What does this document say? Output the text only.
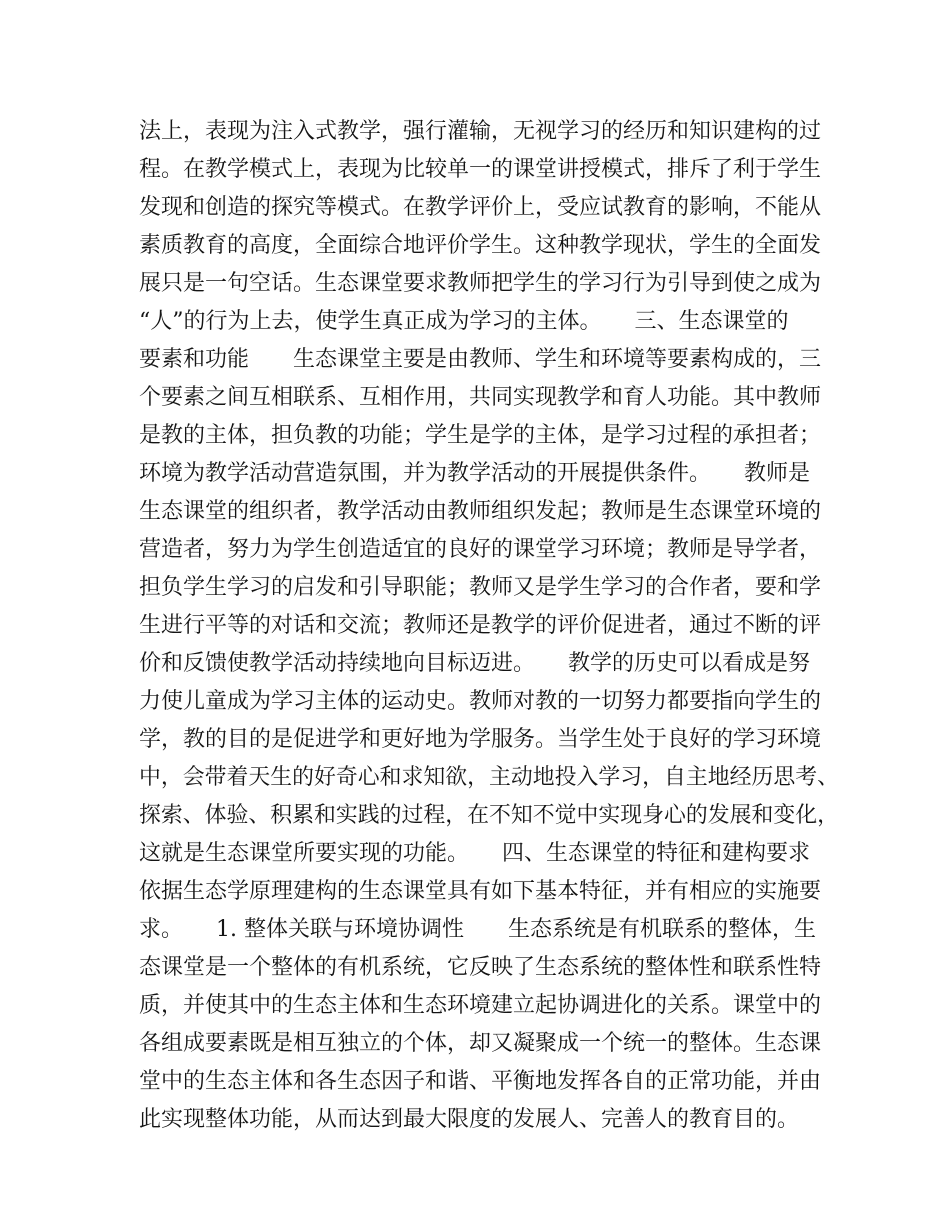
法上，表现为注入式教学，强行灌输，无视学习的经历和知识建构的过
程。在教学模式上，表现为比较单一的课堂讲授模式，排斥了利于学生
发现和创造的探究等模式。在教学评价上，受应试教育的影响，不能从
素质教育的高度，全面综合地评价学生。这种教学现状，学生的全面发
展只是一句空话。生态课堂要求教师把学生的学习行为引导到使之成为
“人”的行为上去，使学生真正成为学习的主体。　　三、生态课堂的
要素和功能　　生态课堂主要是由教师、学生和环境等要素构成的，三
个要素之间互相联系、互相作用，共同实现教学和育人功能。其中教师
是教的主体，担负教的功能；学生是学的主体，是学习过程的承担者；
环境为教学活动营造氛围，并为教学活动的开展提供条件。　　教师是
生态课堂的组织者，教学活动由教师组织发起；教师是生态课堂环境的
营造者，努力为学生创造适宜的良好的课堂学习环境；教师是导学者，
担负学生学习的启发和引导职能；教师又是学生学习的合作者，要和学
生进行平等的对话和交流；教师还是教学的评价促进者，通过不断的评
价和反馈使教学活动持续地向目标迈进。　　教学的历史可以看成是努
力使儿童成为学习主体的运动史。教师对教的一切努力都要指向学生的
学，教的目的是促进学和更好地为学服务。当学生处于良好的学习环境
中，会带着天生的好奇心和求知欲，主动地投入学习，自主地经历思考、
探索、体验、积累和实践的过程，在不知不觉中实现身心的发展和变化，
这就是生态课堂所要实现的功能。　　四、生态课堂的特征和建构要求
依据生态学原理建构的生态课堂具有如下基本特征，并有相应的实施要
求。　　1. 整体关联与环境协调性　　生态系统是有机联系的整体，生
态课堂是一个整体的有机系统，它反映了生态系统的整体性和联系性特
质，并使其中的生态主体和生态环境建立起协调进化的关系。课堂中的
各组成要素既是相互独立的个体，却又凝聚成一个统一的整体。生态课
堂中的生态主体和各生态因子和谐、平衡地发挥各自的正常功能，并由
此实现整体功能，从而达到最大限度的发展人、完善人的教育目的。
